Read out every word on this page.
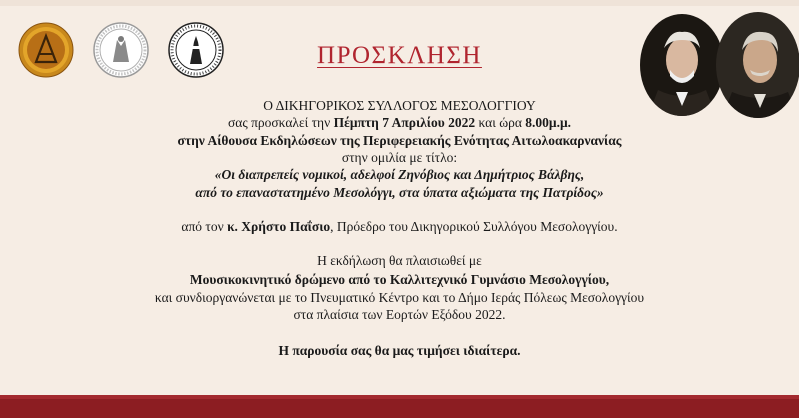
ΠΡΟΣΚΛΗΣΗ
Ο ΔΙΚΗΓΟΡΙΚΟΣ ΣΥΛΛΟΓΟΣ ΜΕΣΟΛΟΓΓΙΟΥ
σας προσκαλεί την Πέμπτη 7 Απριλίου 2022 και ώρα 8.00μ.μ.
στην Αίθουσα Εκδηλώσεων της Περιφερειακής Ενότητας Αιτωλοακαρνανίας
στην ομιλία με τίτλο:
«Οι διαπρεπείς νομικοί, αδελφοί Ζηνόβιος και Δημήτριος Βάλβης,
από το επαναστατημένο Μεσολόγγι, στα ύπατα αξιώματα της Πατρίδος»
από τον κ. Χρήστο Παΐσιο, Πρόεδρο του Δικηγορικού Συλλόγου Μεσολογγίου.
Η εκδήλωση θα πλαισιωθεί με
Μουσικοκινητικό δρώμενο από το Καλλιτεχνικό Γυμνάσιο Μεσολογγίου,
και συνδιοργανώνεται με το Πνευματικό Κέντρο και το Δήμο Ιεράς Πόλεως Μεσολογγίου
στα πλαίσια των Εορτών Εξόδου 2022.
Η παρουσία σας θα μας τιμήσει ιδιαίτερα.
